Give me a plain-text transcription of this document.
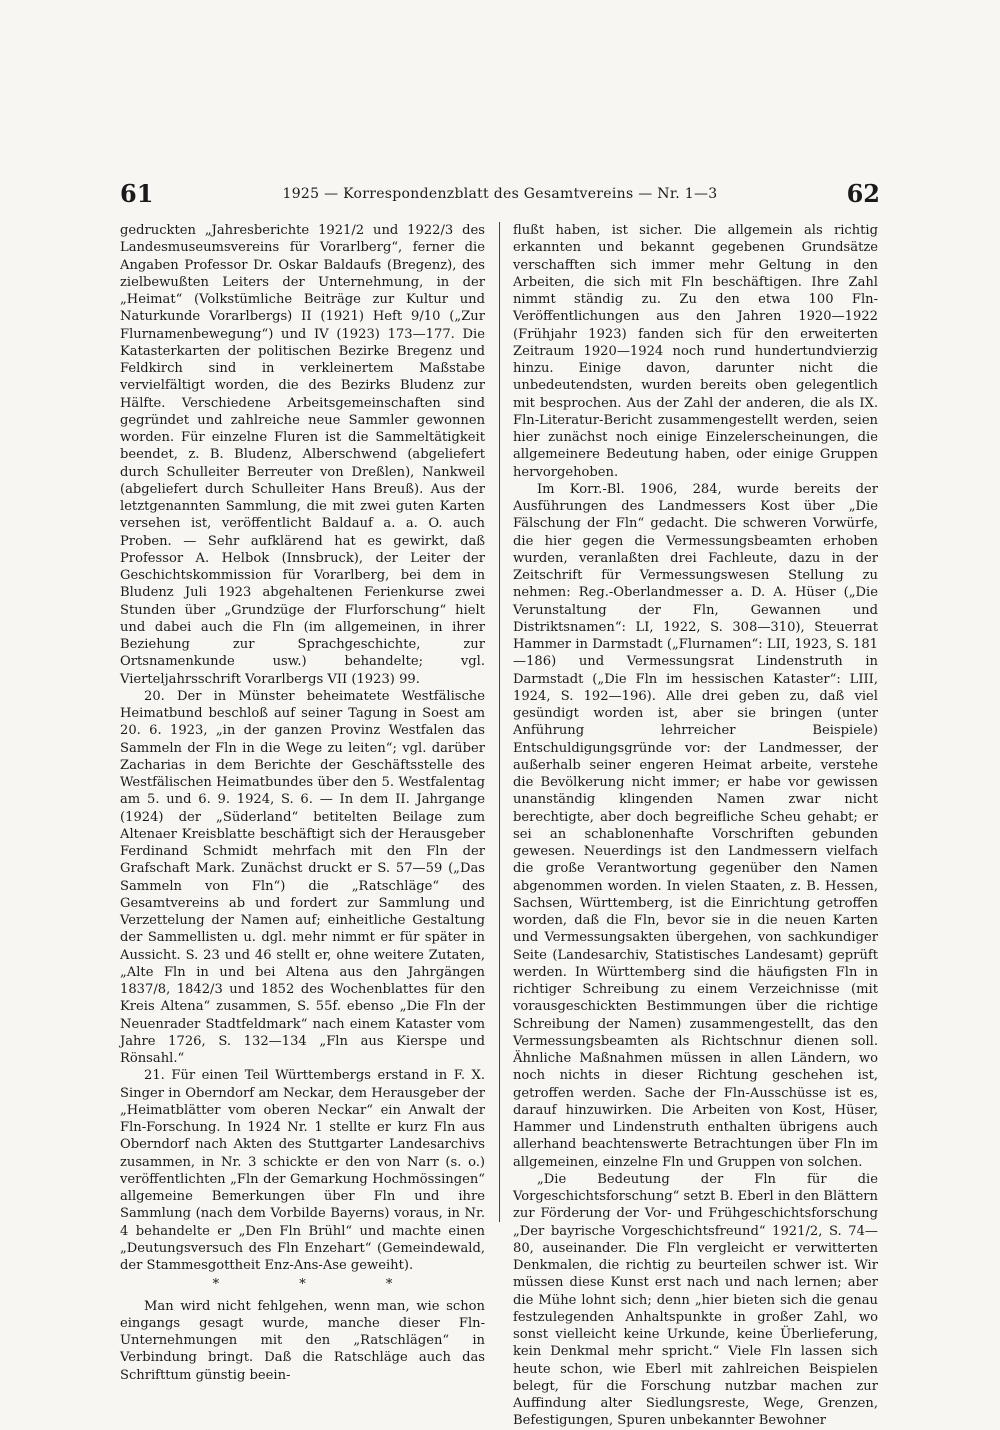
61	1925 — Korrespondenzblatt des Gesamtvereins — Nr. 1—3	62

gedruckten „Jahresberichte 1921/2 und 1922/3 des Landesmuseumsvereins für Vorarlberg“, ferner die Angaben Professor Dr. Oskar Baldaufs (Bregenz), des zielbewußten Leiters der Unternehmung, in der „Heimat“ (Volkstümliche Beiträge zur Kultur und Naturkunde Vorarlbergs) II (1921) Heft 9/10 („Zur Flurnamenbewegung“) und IV (1923) 173—177. Die Katasterkarten der politischen Bezirke Bregenz und Feldkirch sind in verkleinertem Maßstabe vervielfältigt worden, die des Bezirks Bludenz zur Hälfte. Verschiedene Arbeitsgemeinschaften sind gegründet und zahlreiche neue Sammler gewonnen worden. Für einzelne Fluren ist die Sammeltätigkeit beendet, z. B. Bludenz, Alberschwend (abgeliefert durch Schulleiter Berreuter von Dreßlen), Nankweil (abgeliefert durch Schulleiter Hans Breuß). Aus der letztgenannten Sammlung, die mit zwei guten Karten versehen ist, veröffentlicht Baldauf a. a. O. auch Proben. — Sehr aufklärend hat es gewirkt, daß Professor A. Helbok (Innsbruck), der Leiter der Geschichtskommission für Vorarlberg, bei dem in Bludenz Juli 1923 abgehaltenen Ferienkurse zwei Stunden über „Grundzüge der Flurforschung“ hielt und dabei auch die Fln (im allgemeinen, in ihrer Beziehung zur Sprachgeschichte, zur Ortsnamenkunde usw.) behandelte; vgl. Vierteljahrsschrift Vorarlbergs VII (1923) 99.

20. Der in Münster beheimatete Westfälische Heimatbund beschloß auf seiner Tagung in Soest am 20. 6. 1923, „in der ganzen Provinz Westfalen das Sammeln der Fln in die Wege zu leiten“; vgl. darüber Zacharias in dem Berichte der Geschäftsstelle des Westfälischen Heimatbundes über den 5. Westfalentag am 5. und 6. 9. 1924, S. 6. — In dem II. Jahrgange (1924) der „Süderland“ betitelten Beilage zum Altenaer Kreisblatte beschäftigt sich der Herausgeber Ferdinand Schmidt mehrfach mit den Fln der Grafschaft Mark. Zunächst druckt er S. 57—59 („Das Sammeln von Fln“) die „Ratschläge“ des Gesamtvereins ab und fordert zur Sammlung und Verzettelung der Namen auf; einheitliche Gestaltung der Sammellisten u. dgl. mehr nimmt er für später in Aussicht. S. 23 und 46 stellt er, ohne weitere Zutaten, „Alte Fln in und bei Altena aus den Jahrgängen 1837/8, 1842/3 und 1852 des Wochenblattes für den Kreis Altena“ zusammen, S. 55f. ebenso „Die Fln der Neuenrader Stadtfeldmark“ nach einem Kataster vom Jahre 1726, S. 132—134 „Fln aus Kierspe und Rönsahl.“

21. Für einen Teil Württembergs erstand in F. X. Singer in Oberndorf am Neckar, dem Herausgeber der „Heimatblätter vom oberen Neckar“ ein Anwalt der Fln-Forschung. In 1924 Nr. 1 stellte er kurz Fln aus Oberndorf nach Akten des Stuttgarter Landesarchivs zusammen, in Nr. 3 schickte er den von Narr (s. o.) veröffentlichten „Fln der Gemarkung Hochmössingen“ allgemeine Bemerkungen über Fln und ihre Sammlung (nach dem Vorbilde Bayerns) voraus, in Nr. 4 behandelte er „Den Fln Brühl“ und machte einen „Deutungsversuch des Fln Enzehart“ (Gemeindewald, der Stammesgottheit Enz-Ans-Ase geweiht).

* * *

Man wird nicht fehlgehen, wenn man, wie schon eingangs gesagt wurde, manche dieser Fln-Unternehmungen mit den „Ratschlägen“ in Verbindung bringt. Daß die Ratschläge auch das Schrifttum günstig beein-

flußt haben, ist sicher. Die allgemein als richtig erkannten und bekannt gegebenen Grundsätze verschafften sich immer mehr Geltung in den Arbeiten, die sich mit Fln beschäftigen. Ihre Zahl nimmt ständig zu. Zu den etwa 100 Fln-Veröffentlichungen aus den Jahren 1920—1922 (Frühjahr 1923) fanden sich für den erweiterten Zeitraum 1920—1924 noch rund hundertundvierzig hinzu. Einige davon, darunter nicht die unbedeutendsten, wurden bereits oben gelegentlich mit besprochen. Aus der Zahl der anderen, die als IX. Fln-Literatur-Bericht zusammengestellt werden, seien hier zunächst noch einige Einzelerscheinungen, die allgemeinere Bedeutung haben, oder einige Gruppen hervorgehoben.

Im Korr.-Bl. 1906, 284, wurde bereits der Ausführungen des Landmessers Kost über „Die Fälschung der Fln“ gedacht. Die schweren Vorwürfe, die hier gegen die Vermessungsbeamten erhoben wurden, veranlaßten drei Fachleute, dazu in der Zeitschrift für Vermessungswesen Stellung zu nehmen: Reg.-Oberlandmesser a. D. A. Hüser („Die Verunstaltung der Fln, Gewannen und Distriktsnamen“: LI, 1922, S. 308—310), Steuerrat Hammer in Darmstadt („Flurnamen“: LII, 1923, S. 181—186) und Vermessungsrat Lindenstruth in Darmstadt („Die Fln im hessischen Kataster“: LIII, 1924, S. 192—196). Alle drei geben zu, daß viel gesündigt worden ist, aber sie bringen (unter Anführung lehrreicher Beispiele) Entschuldigungsgründe vor: der Landmesser, der außerhalb seiner engeren Heimat arbeite, verstehe die Bevölkerung nicht immer; er habe vor gewissen unanständig klingenden Namen zwar nicht berechtigte, aber doch begreifliche Scheu gehabt; er sei an schablonenhafte Vorschriften gebunden gewesen. Neuerdings ist den Landmessern vielfach die große Verantwortung gegenüber den Namen abgenommen worden. In vielen Staaten, z. B. Hessen, Sachsen, Württemberg, ist die Einrichtung getroffen worden, daß die Fln, bevor sie in die neuen Karten und Vermessungsakten übergehen, von sachkundiger Seite (Landesarchiv, Statistisches Landesamt) geprüft werden. In Württemberg sind die häufigsten Fln in richtiger Schreibung zu einem Verzeichnisse (mit vorausgeschickten Bestimmungen über die richtige Schreibung der Namen) zusammengestellt, das den Vermessungsbeamten als Richtschnur dienen soll. Ähnliche Maßnahmen müssen in allen Ländern, wo noch nichts in dieser Richtung geschehen ist, getroffen werden. Sache der Fln-Ausschüsse ist es, darauf hinzuwirken. Die Arbeiten von Kost, Hüser, Hammer und Lindenstruth enthalten übrigens auch allerhand beachtenswerte Betrachtungen über Fln im allgemeinen, einzelne Fln und Gruppen von solchen.

„Die Bedeutung der Fln für die Vorgeschichtsforschung“ setzt B. Eberl in den Blättern zur Förderung der Vor- und Frühgeschichtsforschung „Der bayrische Vorgeschichtsfreund“ 1921/2, S. 74—80, auseinander. Die Fln vergleicht er verwitterten Denkmalen, die richtig zu beurteilen schwer ist. Wir müssen diese Kunst erst nach und nach lernen; aber die Mühe lohnt sich; denn „hier bieten sich die genau festzulegenden Anhaltspunkte in großer Zahl, wo sonst vielleicht keine Urkunde, keine Überlieferung, kein Denkmal mehr spricht.“ Viele Fln lassen sich heute schon, wie Eberl mit zahlreichen Beispielen belegt, für die Forschung nutzbar machen zur Auffindung alter Siedlungsreste, Wege, Grenzen, Befestigungen, Spuren unbekannter Bewohner
